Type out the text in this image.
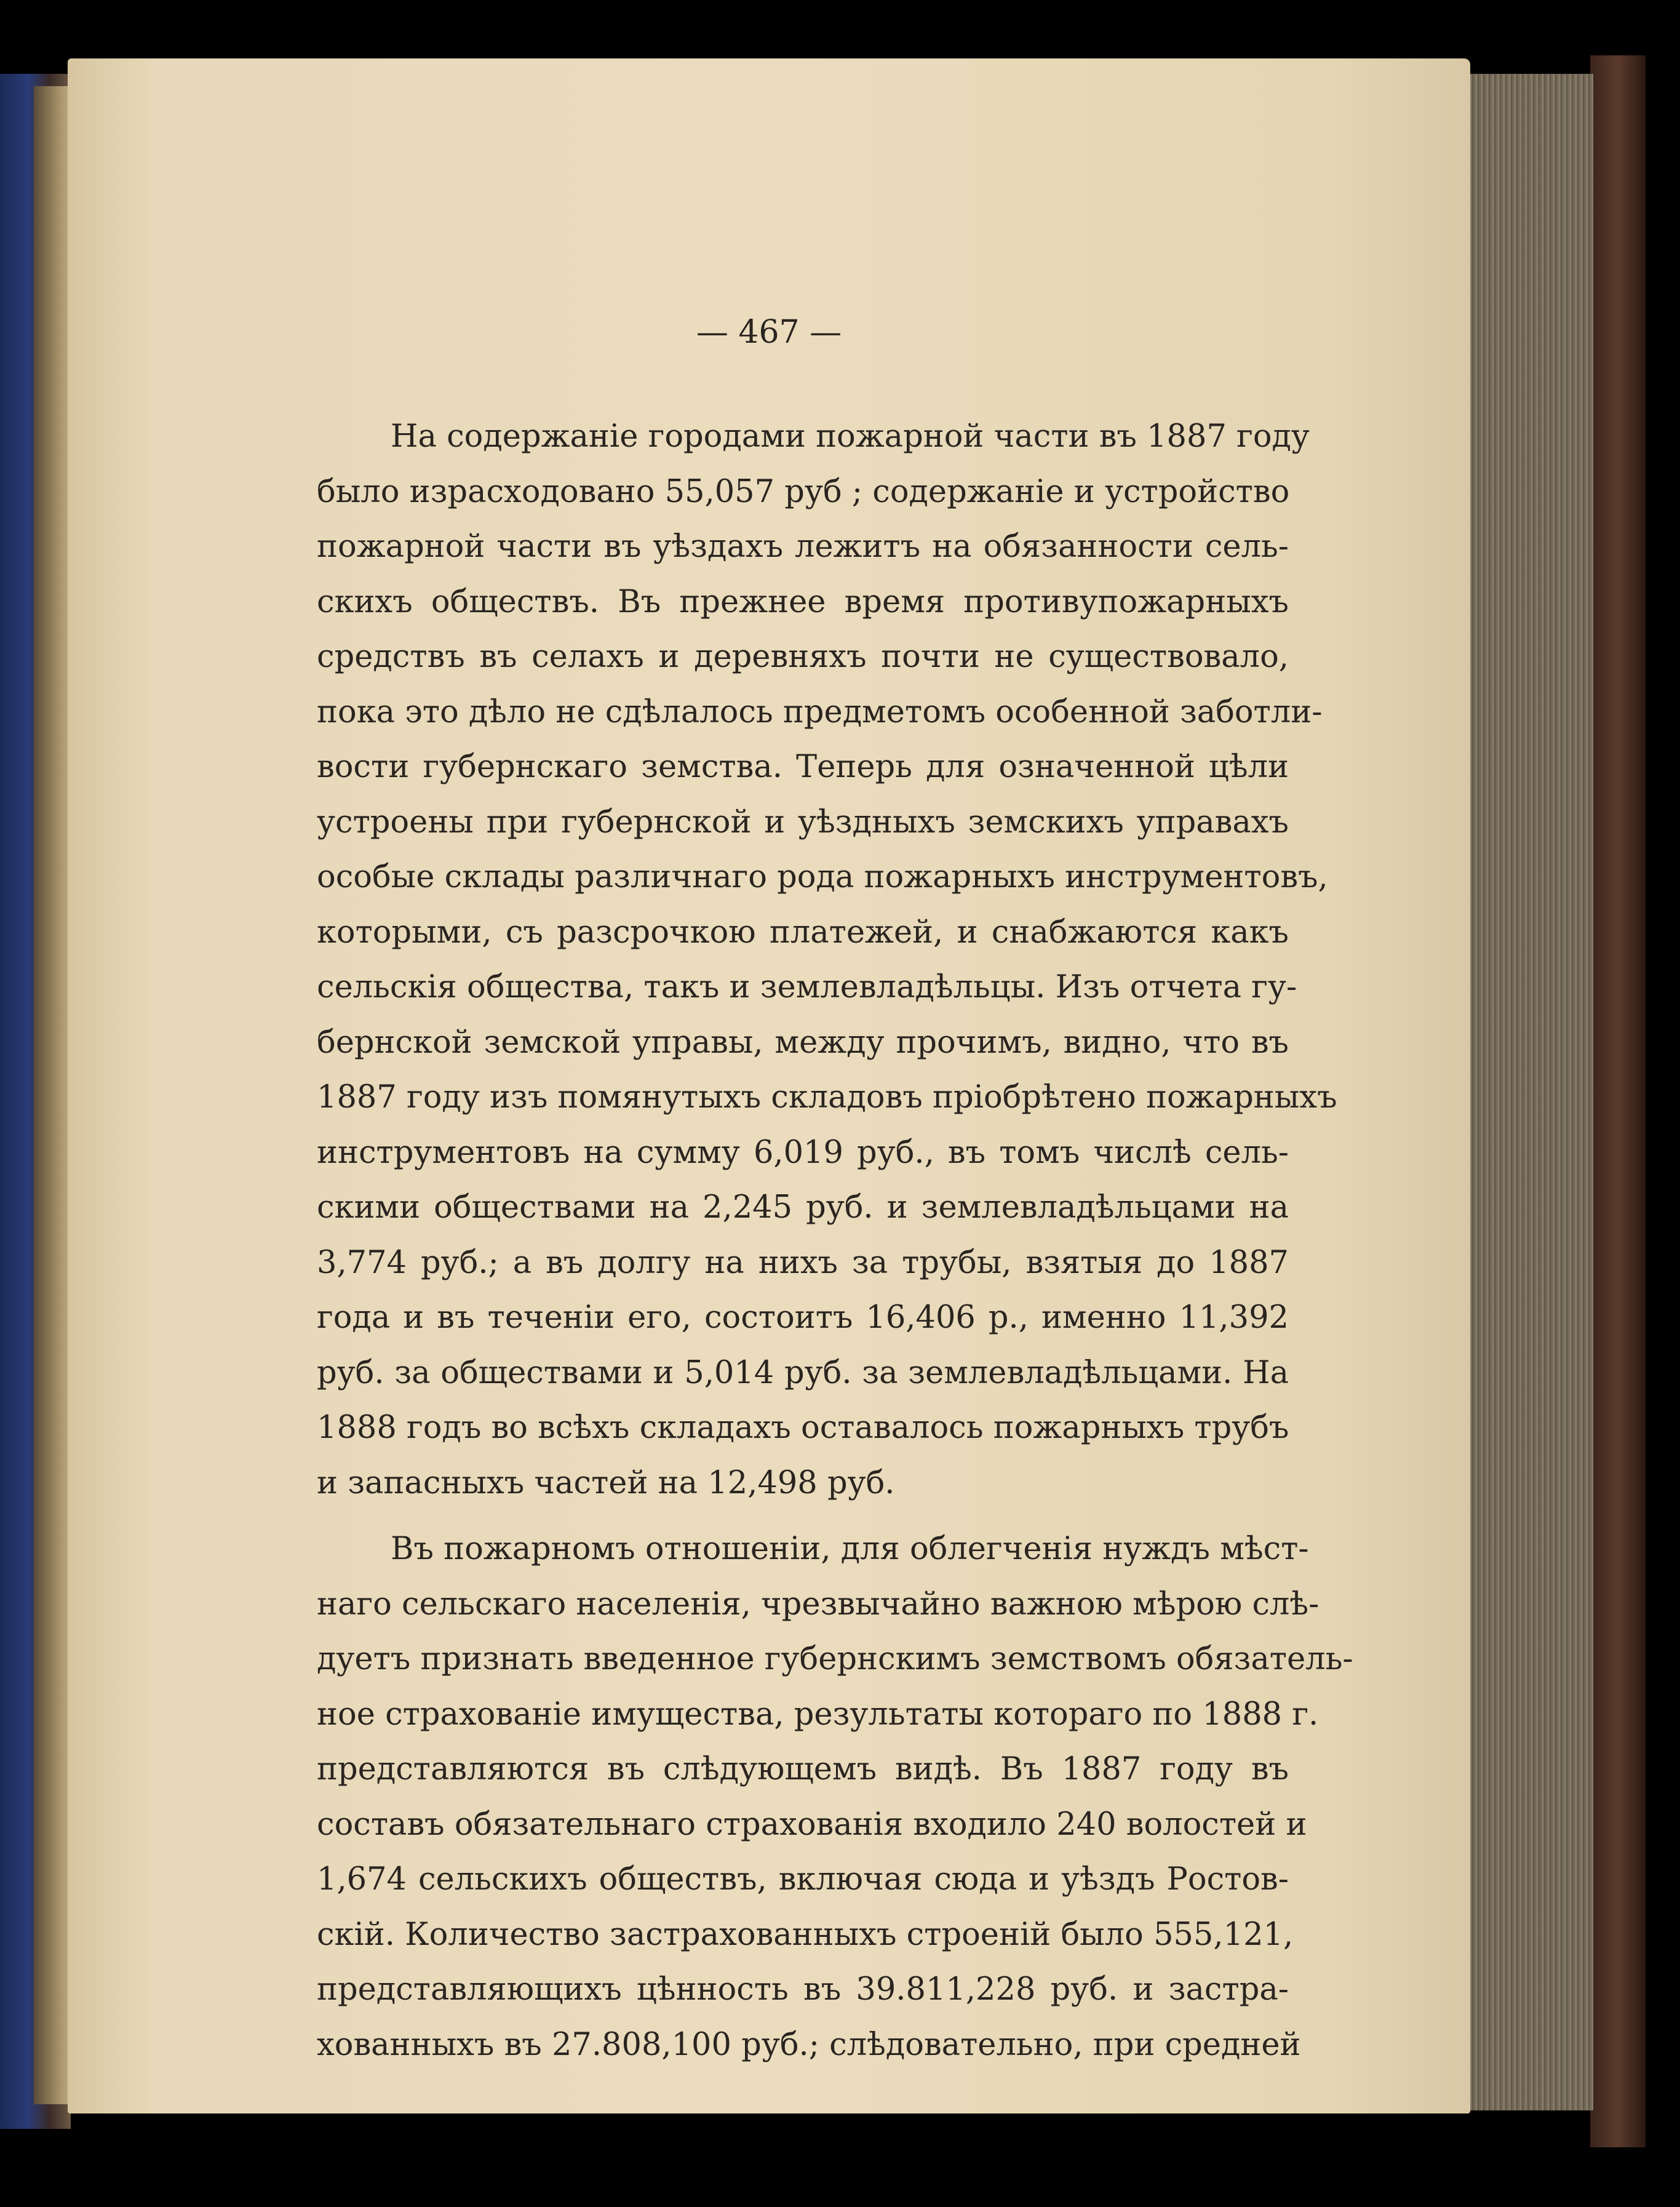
— 467 —
На содержаніе городами пожарной части въ 1887 году
было израсходовано 55,057 руб ; содержаніе и устройство
пожарной части въ уѣздахъ лежитъ на обязанности сель-
скихъ обществъ. Въ прежнее время противупожарныхъ
средствъ въ селахъ и деревняхъ почти не существовало,
пока это дѣло не сдѣлалось предметомъ особенной заботли-
вости губернскаго земства. Теперь для означенной цѣли
устроены при губернской и уѣздныхъ земскихъ управахъ
особые склады различнаго рода пожарныхъ инструментовъ,
которыми, съ разсрочкою платежей, и снабжаются какъ
сельскія общества, такъ и землевладѣльцы. Изъ отчета гу-
бернской земской управы, между прочимъ, видно, что въ
1887 году изъ помянутыхъ складовъ пріобрѣтено пожарныхъ
инструментовъ на сумму 6,019 руб., въ томъ числѣ сель-
скими обществами на 2,245 руб. и землевладѣльцами на
3,774 руб.; а въ долгу на нихъ за трубы, взятыя до 1887
года и въ теченіи его, состоитъ 16,406 р., именно 11,392
руб. за обществами и 5,014 руб. за землевладѣльцами. На
1888 годъ во всѣхъ складахъ оставалось пожарныхъ трубъ
и запасныхъ частей на 12,498 руб.
Въ пожарномъ отношеніи, для облегченія нуждъ мѣст-
наго сельскаго населенія, чрезвычайно важною мѣрою слѣ-
дуетъ признать введенное губернскимъ земствомъ обязатель-
ное страхованіе имущества, результаты котораго по 1888 г.
представляются въ слѣдующемъ видѣ. Въ 1887 году въ
составъ обязательнаго страхованія входило 240 волостей и
1,674 сельскихъ обществъ, включая сюда и уѣздъ Ростов-
скій. Количество застрахованныхъ строеній было 555,121,
представляющихъ цѣнность въ 39.811,228 руб. и застра-
хованныхъ въ 27.808,100 руб.; слѣдовательно, при средней
